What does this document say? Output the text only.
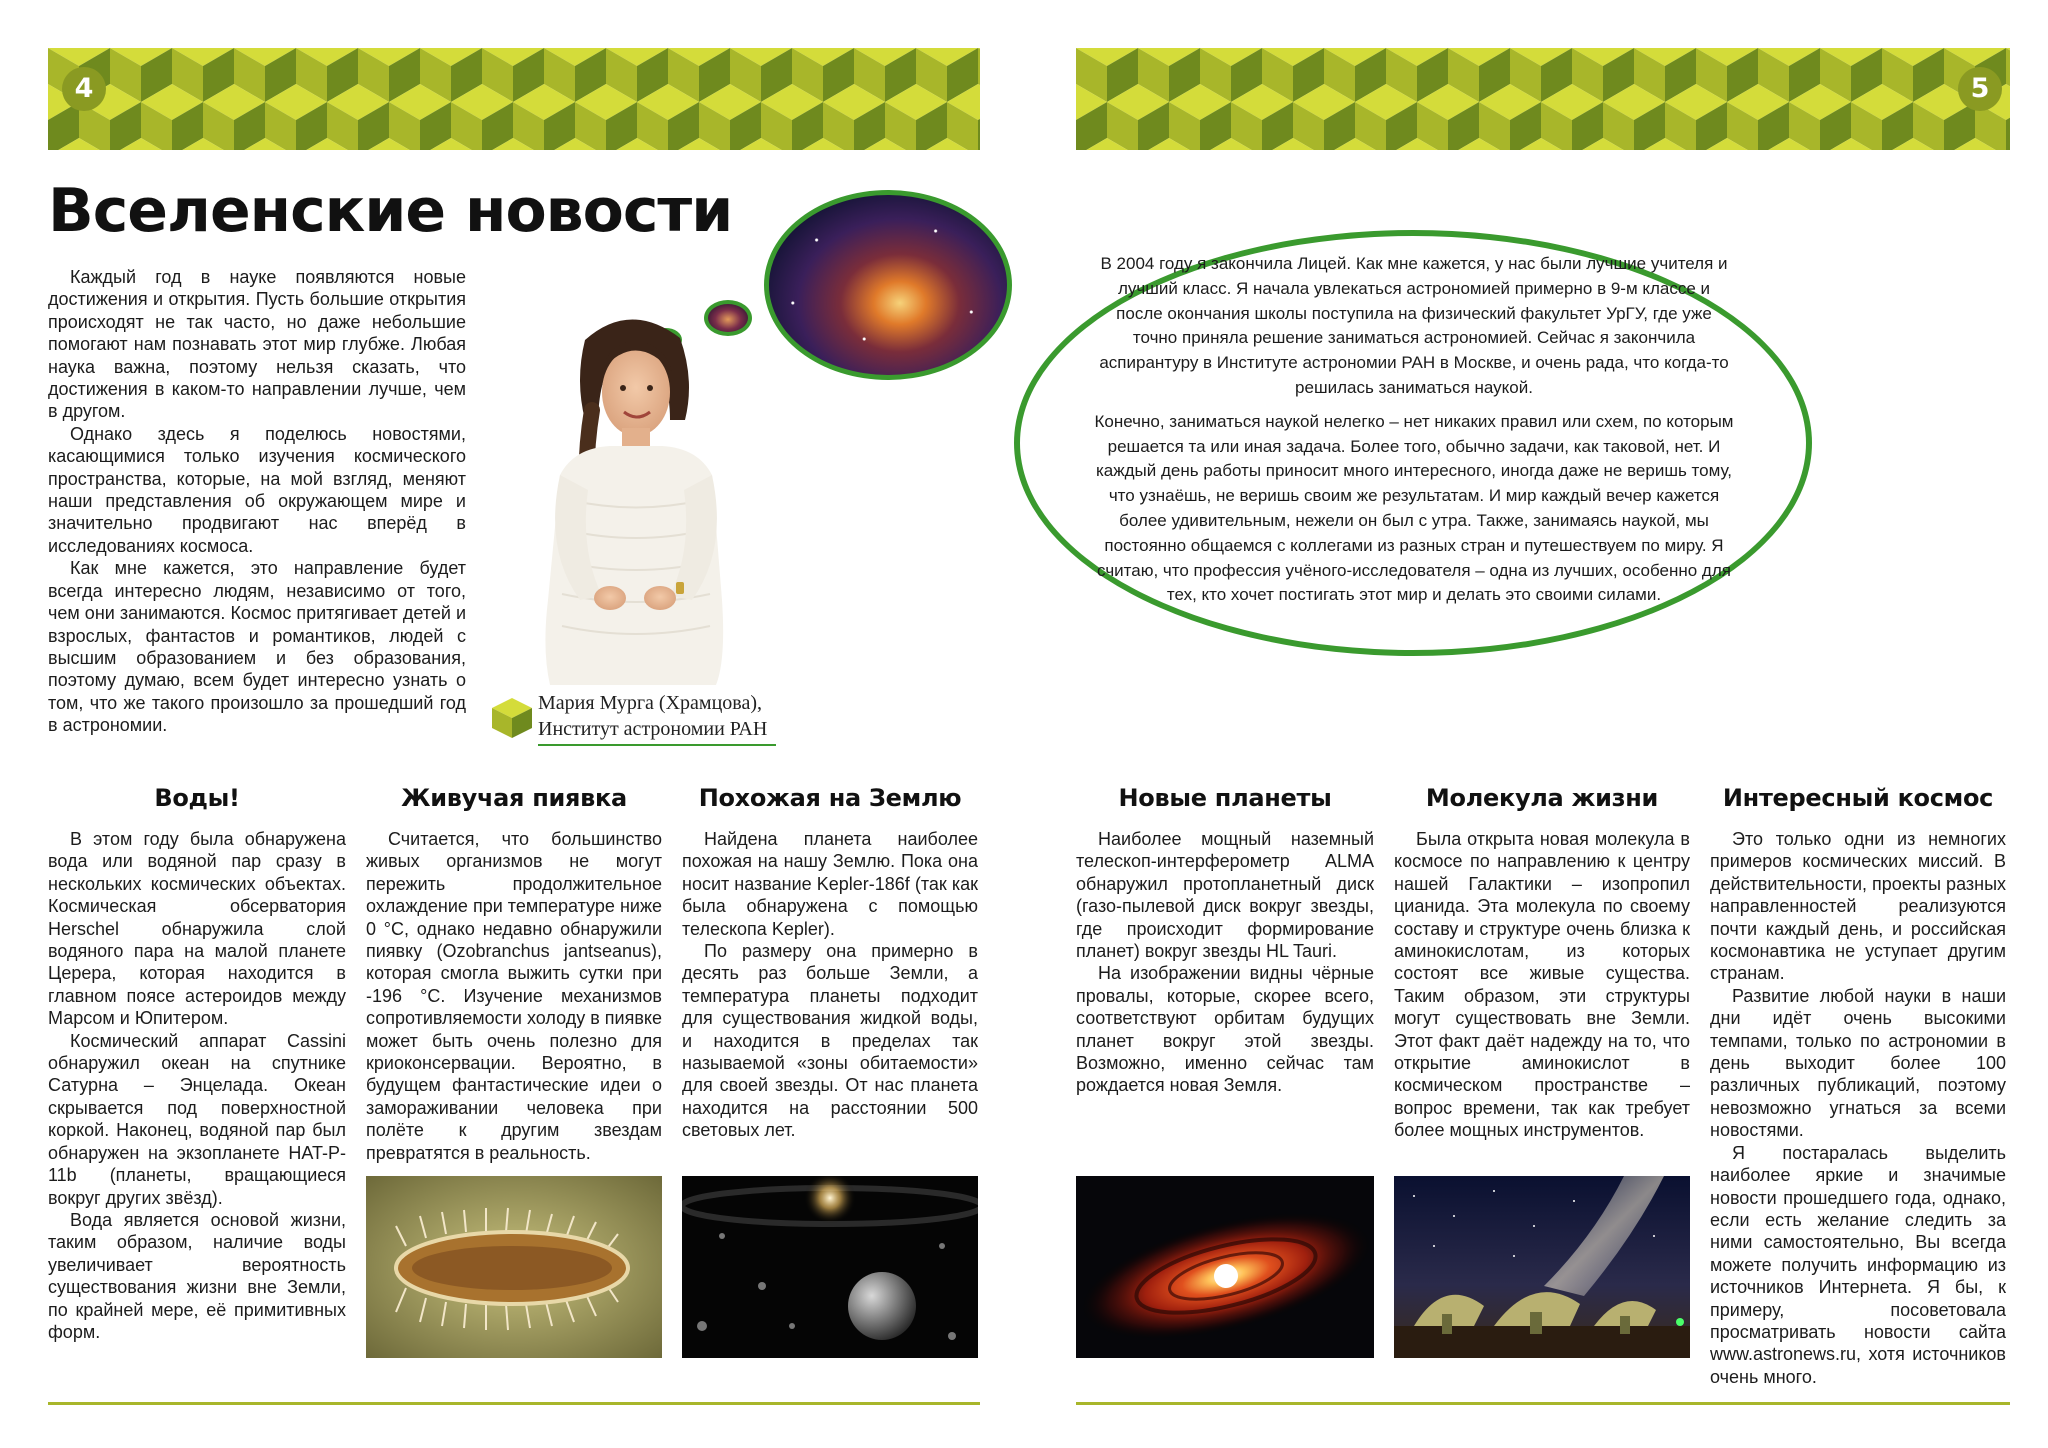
4
Вселенские новости

Каждый год в науке появляются новые достижения и открытия. Пусть большие открытия происходят не так часто, но даже небольшие помогают нам познавать этот мир глубже. Любая наука важна, поэтому нельзя сказать, что достижения в каком-то направлении лучше, чем в другом.

Однако здесь я поделюсь новостями, касающимися только изучения космического пространства, которые, на мой взгляд, меняют наши представления об окружающем мире и значительно продвигают нас вперёд в исследованиях космоса.

Как мне кажется, это направление будет всегда интересно людям, независимо от того, чем они занимаются. Космос притягивает детей и взрослых, фантастов и романтиков, людей с высшим образованием и без образования, поэтому думаю, всем будет интересно узнать о том, что же такого произошло за прошедший год в астрономии.

Мария Мурга (Храмцова),
Институт астрономии РАН
Воды!

В этом году была обнаружена вода или водяной пар сразу в нескольких космических объектах. Космическая обсерватория Herschel обнаружила слой водяного пара на малой планете Церера, которая находится в главном поясе астероидов между Марсом и Юпитером.

Космический аппарат Cassini обнаружил океан на спутнике Сатурна – Энцелада. Океан скрывается под поверхностной коркой. Наконец, водяной пар был обнаружен на экзопланете HAT-P-11b (планеты, вращающиеся вокруг других звёзд).

Вода является основой жизни, таким образом, наличие воды увеличивает вероятность существования жизни вне Земли, по крайней мере, её примитивных форм.

Живучая пиявка

Считается, что большинство живых организмов не могут пережить продолжительное охлаждение при температуре ниже 0 °C, однако недавно обнаружили пиявку (Ozobranchus jantseanus), которая смогла выжить сутки при -196 °C. Изучение механизмов сопротивляемости холоду в пиявке может быть очень полезно для криоконсервации. Вероятно, в будущем фантастические идеи о замораживании человека при полёте к другим звездам превратятся в реальность.

Похожая на Землю

Найдена планета наиболее похожая на нашу Землю. Пока она носит название Kepler-186f (так как была обнаружена с помощью телескопа Kepler).

По размеру она примерно в десять раз больше Земли, а температура планеты подходит для существования жидкой воды, и находится в пределах так называемой «зоны обитаемости» для своей звезды. От нас планета находится на расстоянии 500 световых лет.

5
Новые планеты

Наиболее мощный наземный телескоп-интерферометр ALMA обнаружил протопланетный диск (газо-пылевой диск вокруг звезды, где происходит формирование планет) вокруг звезды HL Tauri.

На изображении видны чёрные провалы, которые, скорее всего, соответствуют орбитам будущих планет вокруг этой звезды. Возможно, именно сейчас там рождается новая Земля.

Молекула жизни

Была открыта новая молекула в космосе по направлению к центру нашей Галактики – изопропил цианида. Эта молекула по своему составу и структуре очень близка к аминокислотам, из которых состоят все живые существа. Таким образом, эти структуры могут существовать вне Земли. Этот факт даёт надежду на то, что открытие аминокислот в космическом пространстве – вопрос времени, так как требует более мощных инструментов.

Интересный космос

Это только одни из немногих примеров космических миссий. В действительности, проекты разных направленностей реализуются почти каждый день, и российская космонавтика не уступает другим странам.

Развитие любой науки в наши дни идёт очень высокими темпами, только по астрономии в день выходит более 100 различных публикаций, поэтому невозможно угнаться за всеми новостями.

Я постаралась выделить наиболее яркие и значимые новости прошедшего года, однако, если есть желание следить за ними самостоятельно, Вы всегда можете получить информацию из источников Интернета. Я бы, к примеру, посоветовала просматривать новости сайта www.astronews.ru, хотя источников очень много.

В 2004 году я закончила Лицей. Как мне кажется, у нас были лучшие учителя и лучший класс. Я начала увлекаться астрономией примерно в 9-м классе и после окончания школы поступила на физический факультет УрГУ, где уже точно приняла решение заниматься астрономией. Сейчас я закончила аспирантуру в Институте астрономии РАН в Москве, и очень рада, что когда-то решилась заниматься наукой.

Конечно, заниматься наукой нелегко – нет никаких правил или схем, по которым решается та или иная задача. Более того, обычно задачи, как таковой, нет. И каждый день работы приносит много интересного, иногда даже не веришь тому, что узнаёшь, не веришь своим же результатам. И мир каждый вечер кажется более удивительным, нежели он был с утра. Также, занимаясь наукой, мы постоянно общаемся с коллегами из разных стран и путешествуем по миру. Я считаю, что профессия учёного-исследователя – одна из лучших, особенно для тех, кто хочет постигать этот мир и делать это своими силами.
